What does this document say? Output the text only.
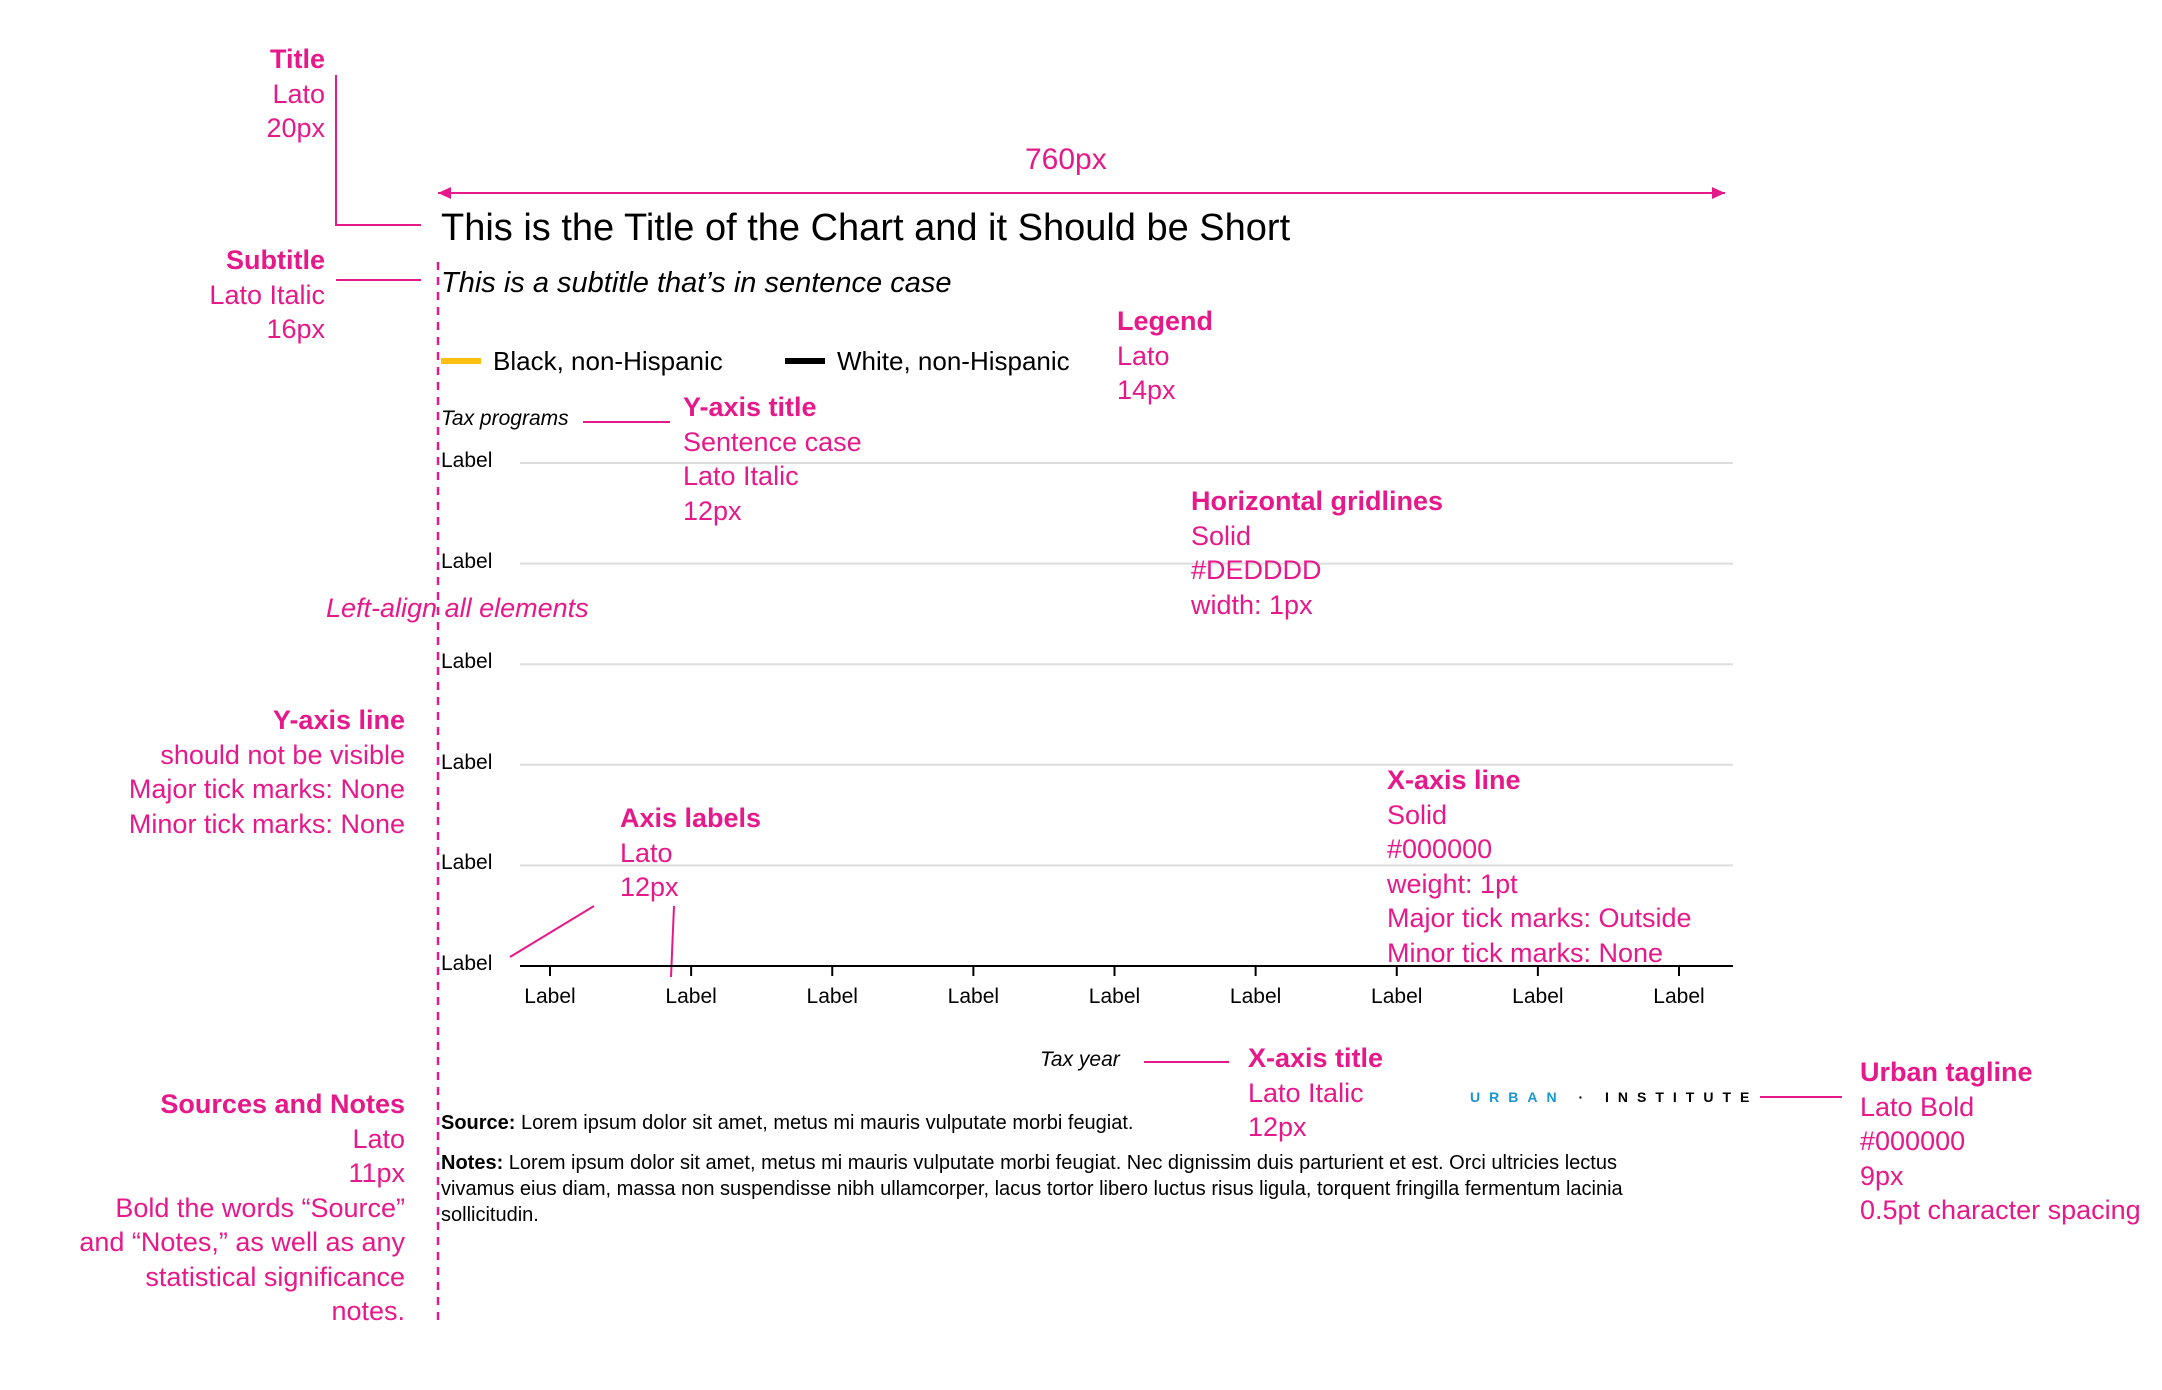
760px
This is the Title of the Chart and it Should be Short
This is a subtitle that’s in sentence case
Black, non-Hispanic	White, non-Hispanic
Tax programs
Label
Label
Label
Label
Label
Label
Label	Label	Label	Label	Label	Label	Label	Label	Label
Tax year
URBAN · INSTITUTE
Source: Lorem ipsum dolor sit amet, metus mi mauris vulputate morbi feugiat.
Notes: Lorem ipsum dolor sit amet, metus mi mauris vulputate morbi feugiat. Nec dignissim duis parturient et est. Orci ultricies lectus vivamus eius diam, massa non suspendisse nibh ullamcorper, lacus tortor libero luctus risus ligula, torquent fringilla fermentum lacinia sollicitudin.
Title
Lato
20px
Subtitle
Lato Italic
16px
Left-align all elements
Y-axis line
should not be visible
Major tick marks: None
Minor tick marks: None
Sources and Notes
Lato
11px
Bold the words “Source”
and “Notes,” as well as any
statistical significance
notes.
Legend
Lato
14px
Y-axis title
Sentence case
Lato Italic
12px	Horizontal gridlines
Solid
#DEDDDD
width: 1px
Axis labels
Lato
12px
X-axis line
Solid
#000000
weight: 1pt
Major tick marks: Outside
Minor tick marks: None
X-axis title
Lato Italic
12px
Urban tagline
Lato Bold
#000000
9px
0.5pt character spacing
